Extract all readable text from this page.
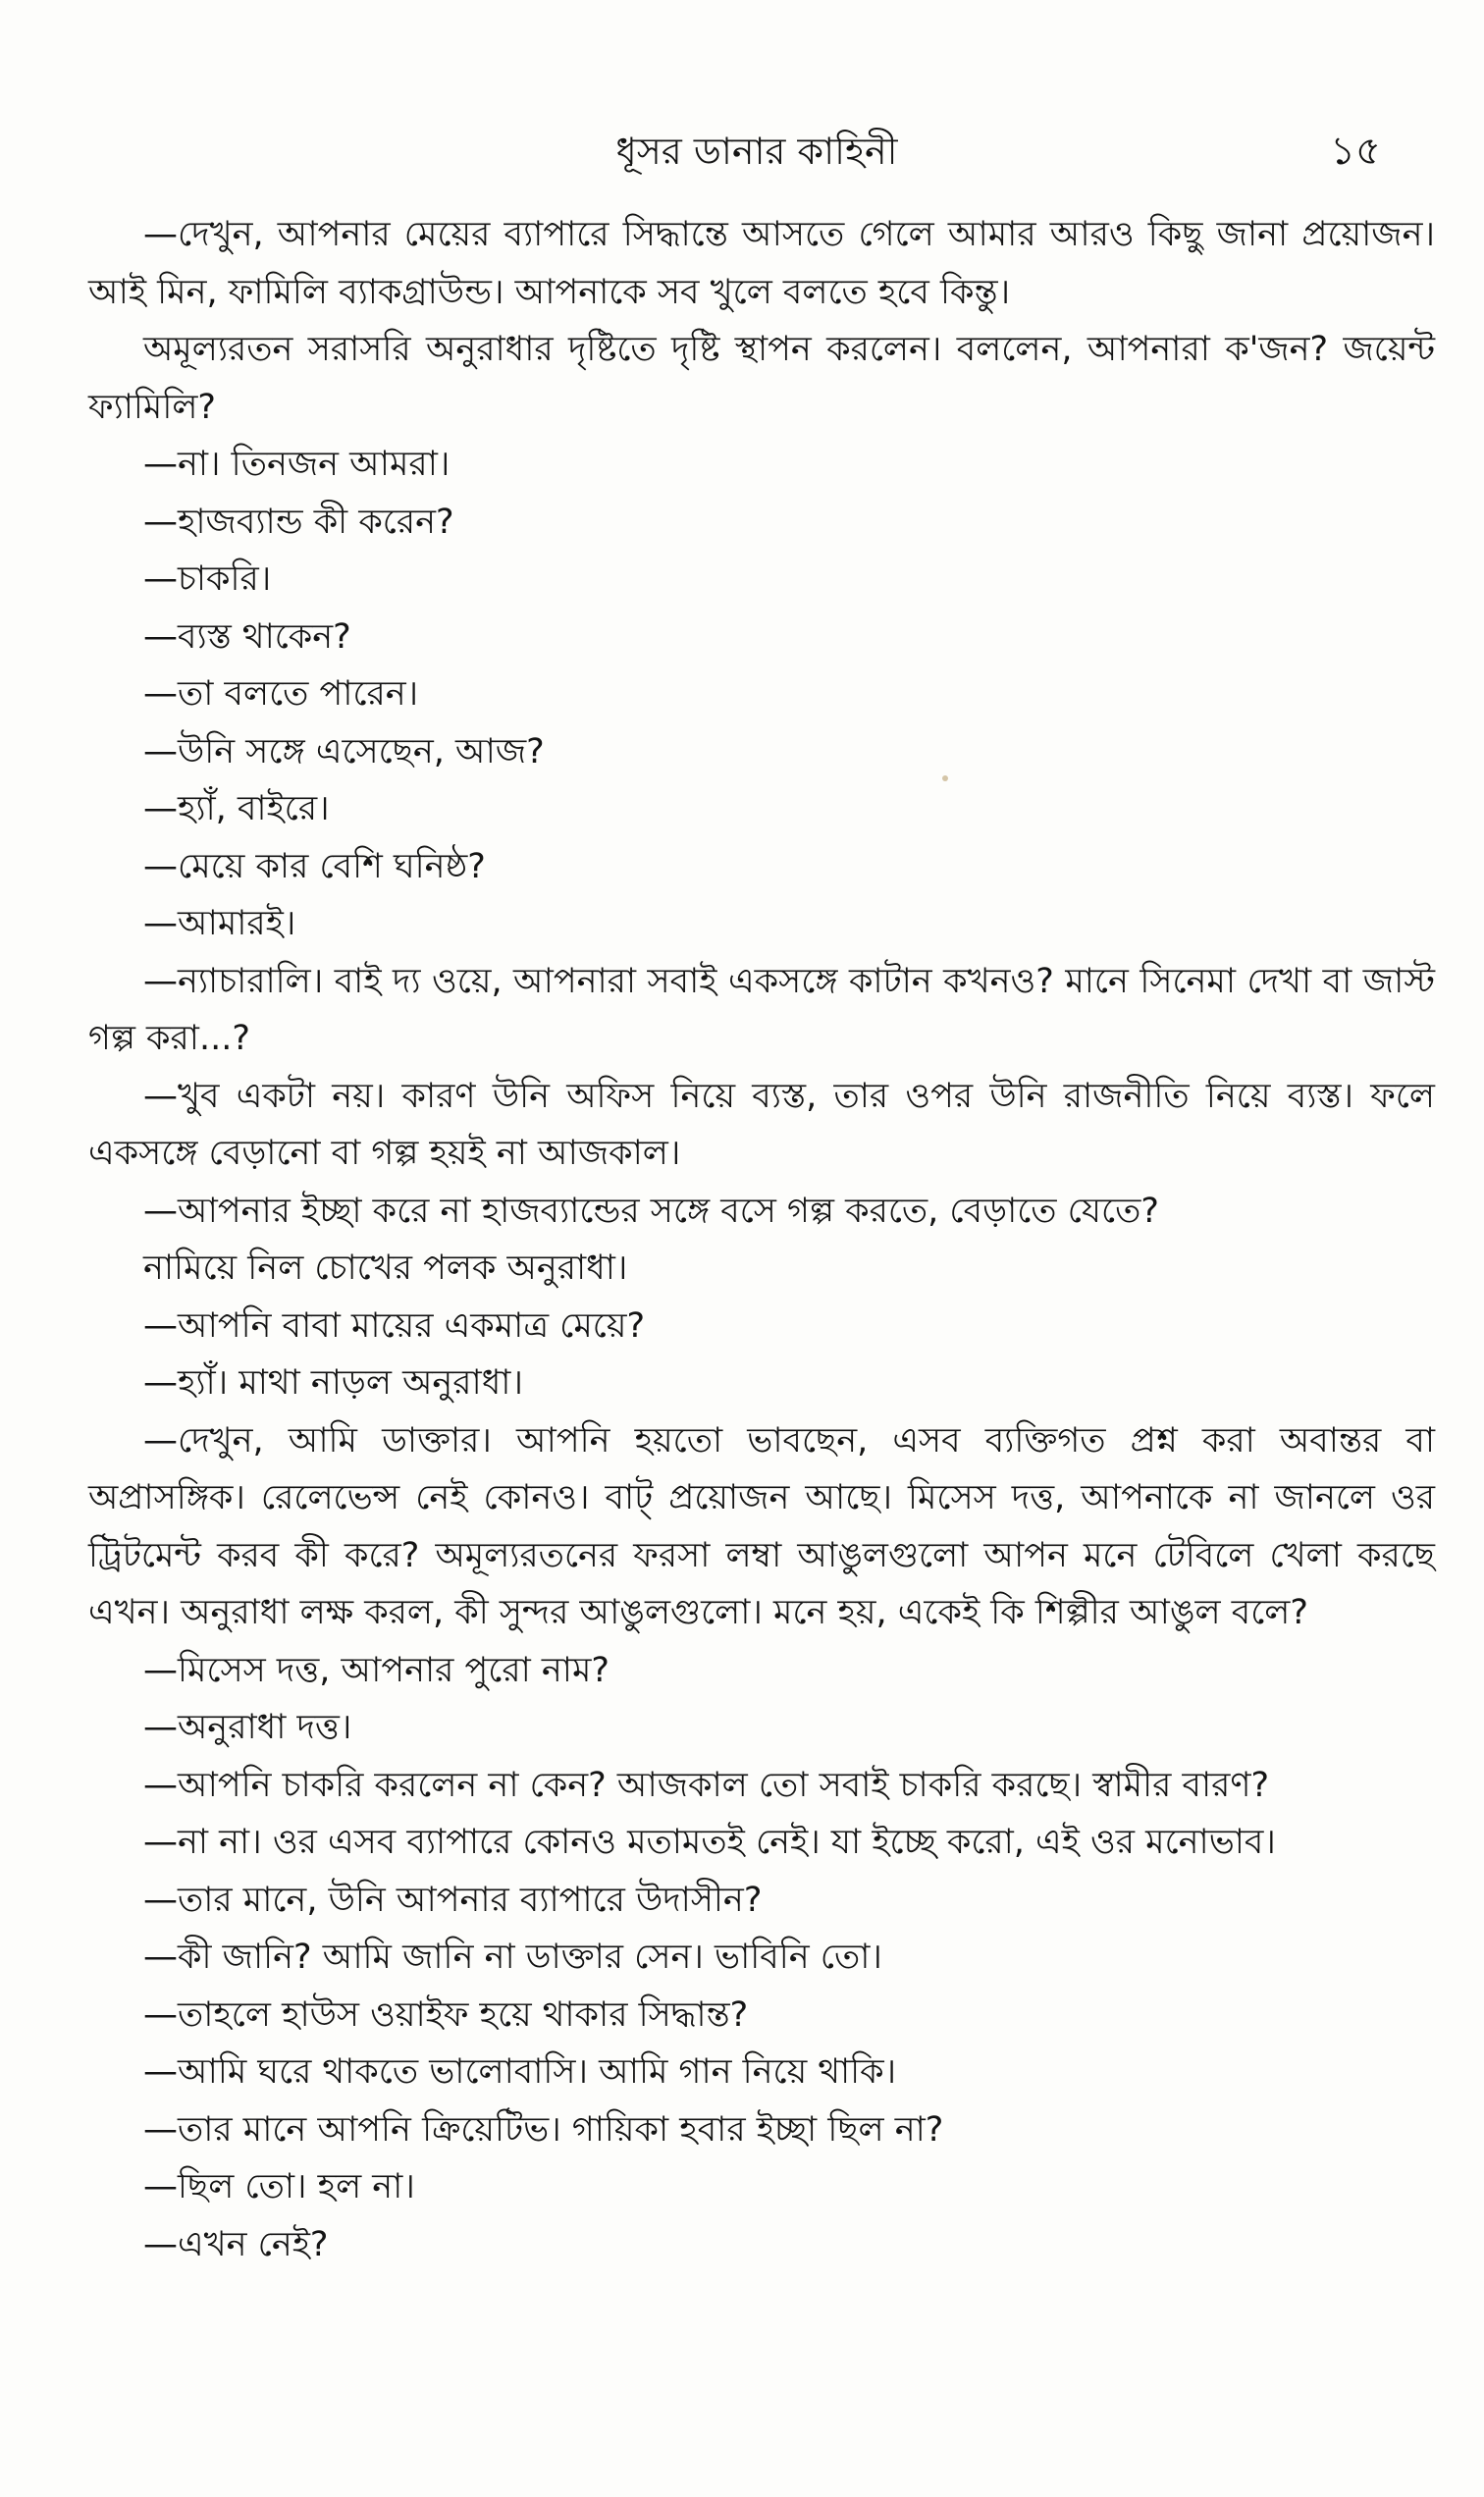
ধূসর ডানার কাহিনী	১৫

—দেখুন, আপনার মেয়ের ব্যাপারে সিদ্ধান্তে আসতে গেলে আমার আরও কিছু জানা প্রয়োজন। আই মিন, ফামিলি ব্যাকগ্রাউন্ড। আপনাকে সব খুলে বলতে হবে কিন্তু।

অমূল্যরতন সরাসরি অনুরাধার দৃষ্টিতে দৃষ্টি স্থাপন করলেন। বললেন, আপনারা ক'জন? জয়েন্ট ফ্যামিলি?

—না। তিনজন আমরা।

—হাজব্যান্ড কী করেন?

—চাকরি।

—ব্যস্ত থাকেন?

—তা বলতে পারেন।

—উনি সঙ্গে এসেছেন, আজ?

—হ্যাঁ, বাইরে।

—মেয়ে কার বেশি ঘনিষ্ঠ?

—আমারই।

—ন্যাচারালি। বাই দ্য ওয়ে, আপনারা সবাই একসঙ্গে কাটান কখনও? মানে সিনেমা দেখা বা জাস্ট গল্প করা...?

—খুব একটা নয়। কারণ উনি অফিস নিয়ে ব্যস্ত, তার ওপর উনি রাজনীতি নিয়ে ব্যস্ত। ফলে একসঙ্গে বেড়ানো বা গল্প হয়ই না আজকাল।

—আপনার ইচ্ছা করে না হাজব্যান্ডের সঙ্গে বসে গল্প করতে, বেড়াতে যেতে?

নামিয়ে নিল চোখের পলক অনুরাধা।

—আপনি বাবা মায়ের একমাত্র মেয়ে?

—হ্যাঁ। মাথা নাড়ল অনুরাধা।

—দেখুন, আমি ডাক্তার। আপনি হয়তো ভাবছেন, এসব ব্যক্তিগত প্রশ্ন করা অবান্তর বা অপ্রাসঙ্গিক। রেলেভেন্স নেই কোনও। বাট্ প্রয়োজন আছে। মিসেস দত্ত, আপনাকে না জানলে ওর ট্রিটমেন্ট করব কী করে? অমূল্যরতনের ফরসা লম্বা আঙুলগুলো আপন মনে টেবিলে খেলা করছে এখন। অনুরাধা লক্ষ করল, কী সুন্দর আঙুলগুলো। মনে হয়, একেই কি শিল্পীর আঙুল বলে?

—মিসেস দত্ত, আপনার পুরো নাম?

—অনুরাধা দত্ত।

—আপনি চাকরি করলেন না কেন? আজকাল তো সবাই চাকরি করছে। স্বামীর বারণ?

—না না। ওর এসব ব্যাপারে কোনও মতামতই নেই। যা ইচ্ছে করো, এই ওর মনোভাব।

—তার মানে, উনি আপনার ব্যাপারে উদাসীন?

—কী জানি? আমি জানি না ডাক্তার সেন। ভাবিনি তো।

—তাহলে হাউস ওয়াইফ হয়ে থাকার সিদ্ধান্ত?

—আমি ঘরে থাকতে ভালোবাসি। আমি গান নিয়ে থাকি।

—তার মানে আপনি ক্রিয়েটিভ। গায়িকা হবার ইচ্ছা ছিল না?

—ছিল তো। হল না।

—এখন নেই?
